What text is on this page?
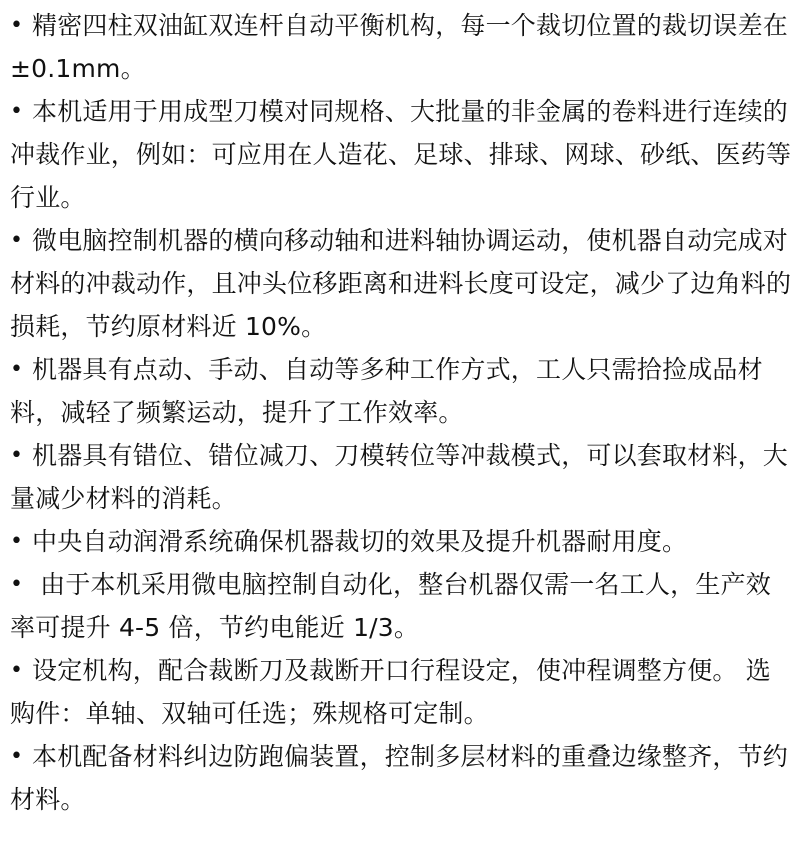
• 精密四柱双油缸双连杆自动平衡机构，每一个裁切位置的裁切误差在±0.1mm。

• 本机适用于用成型刀模对同规格、大批量的非金属的卷料进行连续的冲裁作业，例如：可应用在人造花、足球、排球、网球、砂纸、医药等行业。

• 微电脑控制机器的横向移动轴和进料轴协调运动，使机器自动完成对材料的冲裁动作，且冲头位移距离和进料长度可设定，减少了边角料的损耗，节约原材料近 10%。

• 机器具有点动、手动、自动等多种工作方式，工人只需拾捡成品材料，减轻了频繁运动，提升了工作效率。

• 机器具有错位、错位减刀、刀模转位等冲裁模式，可以套取材料，大量减少材料的消耗。

• 中央自动润滑系统确保机器裁切的效果及提升机器耐用度。

• 由于本机采用微电脑控制自动化，整台机器仅需一名工人，生产效率可提升 4-5 倍，节约电能近 1/3。

• 设定机构，配合裁断刀及裁断开口行程设定，使冲程调整方便。 选购件：单轴、双轴可任选；殊规格可定制。

• 本机配备材料纠边防跑偏装置，控制多层材料的重叠边缘整齐，节约材料。
